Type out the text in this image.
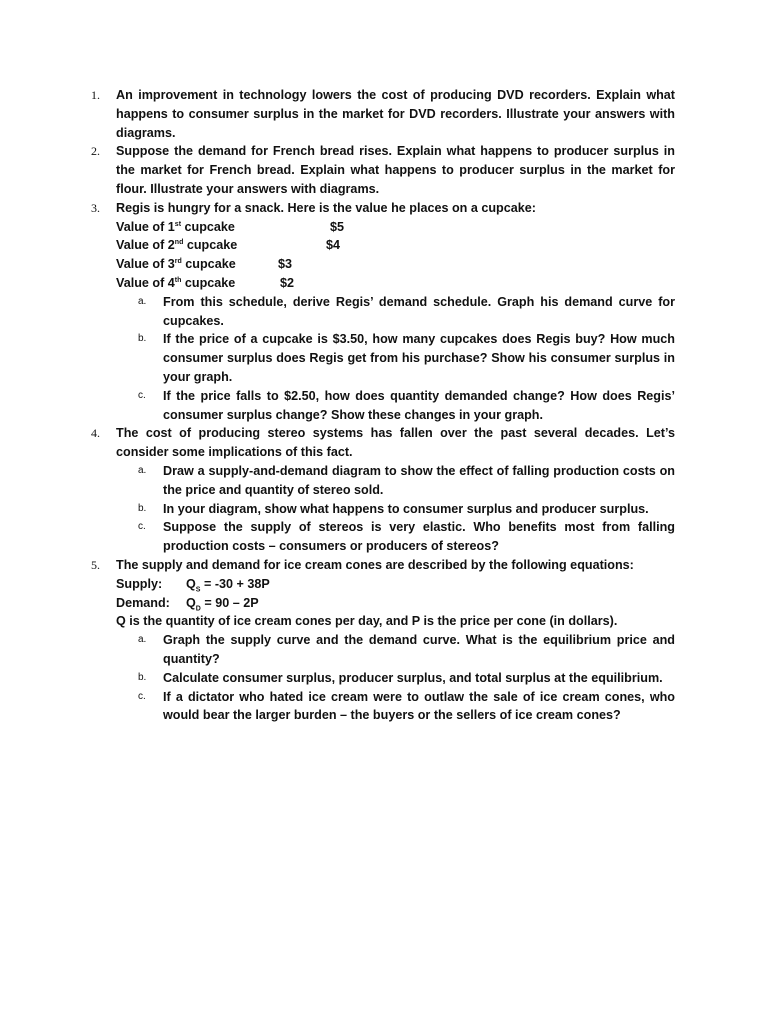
1.	An improvement in technology lowers the cost of producing DVD recorders. Explain what happens to consumer surplus in the market for DVD recorders. Illustrate your answers with diagrams.
2.	Suppose the demand for French bread rises. Explain what happens to producer surplus in the market for French bread. Explain what happens to producer surplus in the market for flour. Illustrate your answers with diagrams.
3.	Regis is hungry for a snack. Here is the value he places on a cupcake:
Value of 1st cupcake	$5
Value of 2nd cupcake	$4
Value of 3rd cupcake	$3
Value of 4th cupcake	$2
a.	From this schedule, derive Regis’ demand schedule. Graph his demand curve for cupcakes.
b.	If the price of a cupcake is $3.50, how many cupcakes does Regis buy? How much consumer surplus does Regis get from his purchase? Show his consumer surplus in your graph.
c.	If the price falls to $2.50, how does quantity demanded change? How does Regis’ consumer surplus change? Show these changes in your graph.
4.	The cost of producing stereo systems has fallen over the past several decades. Let’s consider some implications of this fact.
a.	Draw a supply-and-demand diagram to show the effect of falling production costs on the price and quantity of stereo sold.
b.	In your diagram, show what happens to consumer surplus and producer surplus.
c.	Suppose the supply of stereos is very elastic. Who benefits most from falling production costs – consumers or producers of stereos?
5.	The supply and demand for ice cream cones are described by the following equations:
Supply: $Q_S = -30 + 38P$
Demand: $Q_D = 90 - 2P$
Q is the quantity of ice cream cones per day, and P is the price per cone (in dollars).
a.	Graph the supply curve and the demand curve. What is the equilibrium price and quantity?
b.	Calculate consumer surplus, producer surplus, and total surplus at the equilibrium.
c.	If a dictator who hated ice cream were to outlaw the sale of ice cream cones, who would bear the larger burden – the buyers or the sellers of ice cream cones?
